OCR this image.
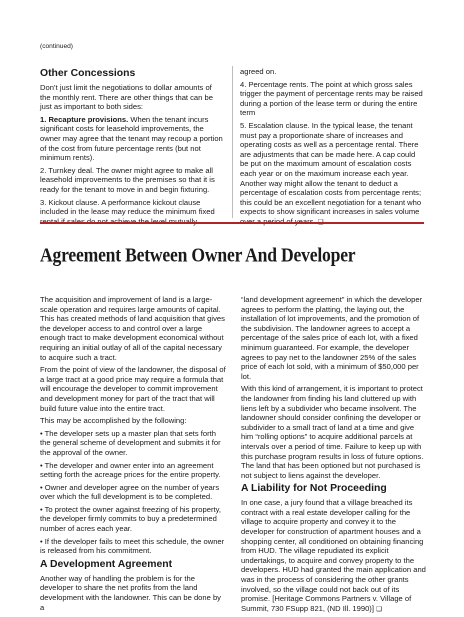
(continued)
Other Concessions

Don’t just limit the negotiations to dollar amounts of the monthly rent. There are other things that can be just as important to both sides:

1. Recapture provisions. When the tenant incurs significant costs for leasehold improvements, the owner may agree that the tenant may recoup a portion of the cost from future percentage rents (but not minimum rents).

2. Turnkey deal. The owner might agree to make all leasehold improvements to the premises so that it is ready for the tenant to move in and begin fixturing.

3. Kickout clause. A performance kickout clause included in the lease may reduce the minimum fixed

agreed on.

4. Percentage rents. The point at which gross sales trigger the payment of percentage rents may be raised during a portion of the lease term or during the entire term

5. Escalation clause. In the typical lease, the tenant must pay a proportionate share of increases and operating costs as well as a percentage rental. There are adjustments that can be made here. A cap could be put on the maximum amount of escalation costs each year or on the maximum increase each year. Another way might allow the tenant to deduct a percentage of escalation costs from percentage rents; this could be an excellent negotiation for a tenant who expects to show significant increases in sales volume

Agreement Between Owner And Developer

The acquisition and improvement of land is a large-scale operation and requires large amounts of capital. This has created methods of land acquisition that gives the developer access to and control over a large enough tract to make development economical without requiring an initial outlay of all of the capital necessary to acquire such a tract.

From the point of view of the landowner, the disposal of a large tract at a good price may require a formula that will encourage the developer to commit improvement and development money for part of the tract that will build future value into the entire tract.

This may be accomplished by the following:

• The developer sets up a master plan that sets forth the general scheme of development and submits it for the approval of the owner.

• The developer and owner enter into an agreement setting forth the acreage prices for the entire property.

• Owner and developer agree on the number of years over which the full development is to be completed.

• To protect the owner against freezing of his property, the developer firmly commits to buy a predetermined number of acres each year.

• If the developer fails to meet this schedule, the owner is released from his commitment.

A Development Agreement

Another way of handling the problem is for the developer to share the net profits from the land development with the landowner. This can be done by a

“land development agreement” in which the developer agrees to perform the platting, the laying out, the installation of lot improvements, and the promotion of the subdivision. The landowner agrees to accept a percentage of the sales price of each lot, with a fixed minimum guaranteed. For example, the developer agrees to pay net to the landowner 25% of the sales price of each lot sold, with a minimum of $50,000 per lot.

With this kind of arrangement, it is important to protect the landowner from finding his land cluttered up with liens left by a subdivider who became insolvent. The landowner should consider confining the developer or subdivider to a small tract of land at a time and give him “rolling options” to acquire additional parcels at intervals over a period of time. Failure to keep up with this purchase program results in loss of future options. The land that has been optioned but not purchased is not subject to liens against the developer.

A Liability for Not Proceeding

In one case, a jury found that a village breached its contract with a real estate developer calling for the village to acquire property and convey it to the developer for construction of apartment houses and a shopping center, all conditioned on obtaining financing from HUD. The village repudiated its explicit undertakings, to acquire and convey property to the developers. HUD had granted the main application and was in the process of considering the other grants involved, so the village could not back out of its promise. [Heritage Commons Partners v. Village of Summit, 730 FSupp 821, (ND Ill. 1990)] ❑
